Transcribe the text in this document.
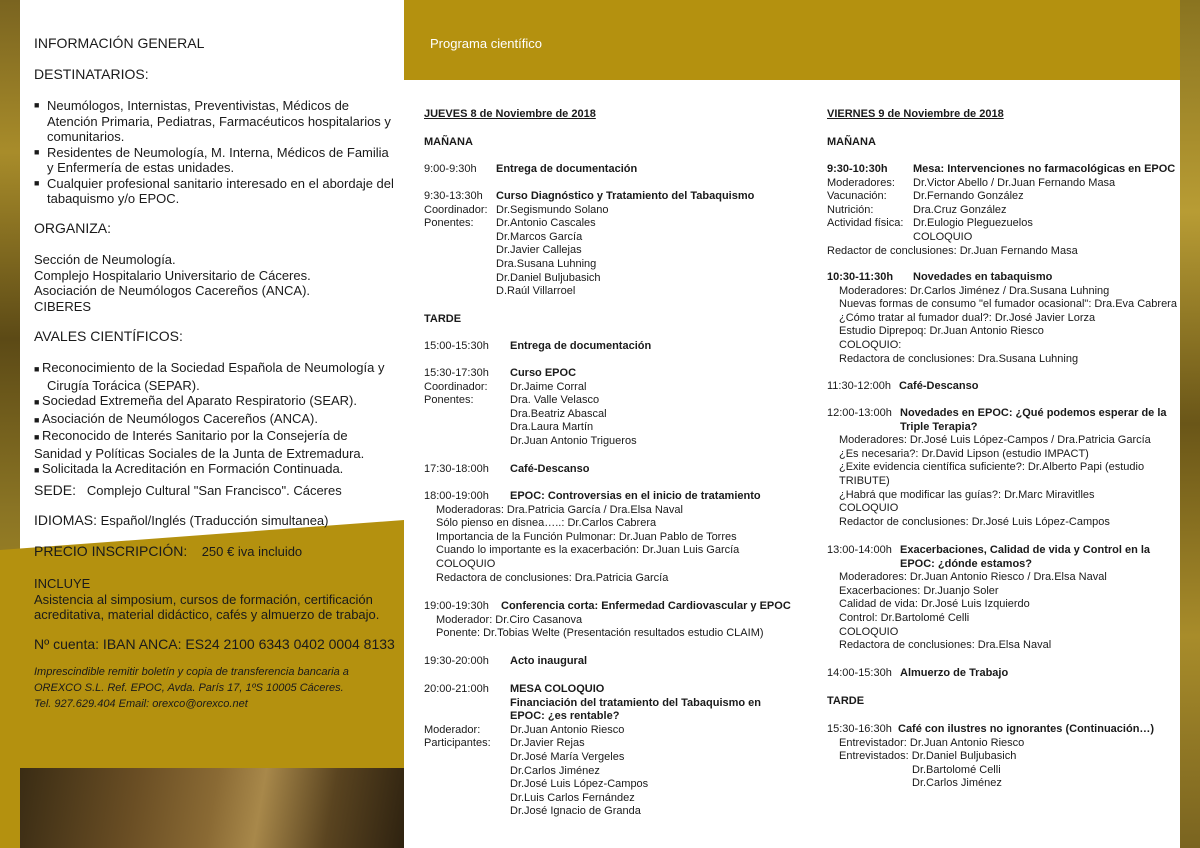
Programa científico
INFORMACIÓN GENERAL
DESTINATARIOS:
■ Neumólogos, Internistas, Preventivistas, Médicos de
Atención Primaria, Pediatras, Farmacéuticos hospitalarios y
comunitarios.
■ Residentes de Neumología, M. Interna, Médicos de Familia
y Enfermería de estas unidades.
■ Cualquier profesional sanitario interesado en el abordaje del
tabaquismo y/o EPOC.
ORGANIZA:
Sección de Neumología.
Complejo Hospitalario Universitario de Cáceres.
Asociación de Neumólogos Cacereños (ANCA).
CIBERES
AVALES CIENTÍFICOS:
■ Reconocimiento de la Sociedad Española de Neumología y
Cirugía Torácica (SEPAR).
■ Sociedad Extremeña del Aparato Respiratorio (SEAR).
■ Asociación de Neumólogos Cacereños (ANCA).
■ Reconocido de Interés Sanitario por la Consejería de
Sanidad y Políticas Sociales de la Junta de Extremadura.
■ Solicitada la Acreditación en Formación Continuada.
SEDE: Complejo Cultural "San Francisco". Cáceres
IDIOMAS: Español/Inglés (Traducción simultanea)
PRECIO INSCRIPCIÓN: 250 € iva incluido
INCLUYE
Asistencia al simposium, cursos de formación, certificación
acreditativa, material didáctico, cafés y almuerzo de trabajo.
Nº cuenta: IBAN ANCA: ES24 2100 6343 0402 0004 8133
Imprescindible remitir boletín y copia de transferencia bancaria a
OREXCO S.L. Ref. EPOC, Avda. París 17, 1ºS 10005 Cáceres.
Tel. 927.629.404 Email: orexco@orexco.net
JUEVES 8 de Noviembre de 2018
MAÑANA
9:00-9:30h Entrega de documentación
9:30-13:30h Curso Diagnóstico y Tratamiento del Tabaquismo
Coordinador: Dr.Segismundo Solano
Ponentes: Dr.Antonio Cascales
Dr.Marcos García
Dr.Javier Callejas
Dra.Susana Luhning
Dr.Daniel Buljubasich
D.Raúl Villarroel
TARDE
15:00-15:30h Entrega de documentación
15:30-17:30h Curso EPOC
Coordinador: Dr.Jaime Corral
Ponentes:	Dra. Valle Velasco
Dra.Beatriz Abascal
Dra.Laura Martín
Dr.Juan Antonio Trigueros
17:30-18:00h Café-Descanso
18:00-19:00h EPOC: Controversias en el inicio de tratamiento
Moderadoras: Dra.Patricia García / Dra.Elsa Naval
Sólo pienso en disnea…..: Dr.Carlos Cabrera
Importancia de la Función Pulmonar: Dr.Juan Pablo de Torres
Cuando lo importante es la exacerbación: Dr.Juan Luis García
COLOQUIO
Redactora de conclusiones: Dra.Patricia García
19:00-19:30h Conferencia corta: Enfermedad Cardiovascular y EPOC
Moderador: Dr.Ciro Casanova
Ponente: Dr.Tobias Welte (Presentación resultados estudio CLAIM)
19:30-20:00h Acto inaugural
20:00-21:00h MESA COLOQUIO
Financiación del tratamiento del Tabaquismo en
EPOC: ¿es rentable?
Moderador:	Dr.Juan Antonio Riesco
Participantes: Dr.Javier Rejas
Dr.José María Vergeles
Dr.Carlos Jiménez
Dr.José Luis López-Campos
Dr.Luis Carlos Fernández
Dr.José Ignacio de Granda
VIERNES 9 de Noviembre de 2018
MAÑANA
9:30-10:30h Mesa: Intervenciones no farmacológicas en EPOC
Moderadores: Dr.Victor Abello / Dr.Juan Fernando Masa
Vacunación: Dr.Fernando González
Nutrición:	Dra.Cruz González
Actividad física: Dr.Eulogio Pleguezuelos
COLOQUIO
Redactor de conclusiones: Dr.Juan Fernando Masa
10:30-11:30h Novedades en tabaquismo
Moderadores: Dr.Carlos Jiménez / Dra.Susana Luhning
Nuevas formas de consumo "el fumador ocasional": Dra.Eva Cabrera
¿Cómo tratar al fumador dual?: Dr.José Javier Lorza
Estudio Diprepoq: Dr.Juan Antonio Riesco
COLOQUIO:
Redactora de conclusiones: Dra.Susana Luhning
11:30-12:00h Café-Descanso
12:00-13:00h Novedades en EPOC: ¿Qué podemos esperar de la
Triple Terapia?
Moderadores: Dr.José Luis López-Campos / Dra.Patricia García
¿Es necesaria?: Dr.David Lipson (estudio IMPACT)
¿Exite evidencia científica suficiente?: Dr.Alberto Papi (estudio
TRIBUTE)
¿Habrá que modificar las guías?: Dr.Marc Miravitlles
COLOQUIO
Redactor de conclusiones: Dr.José Luis López-Campos
13:00-14:00h Exacerbaciones, Calidad de vida y Control en la
EPOC: ¿dónde estamos?
Moderadores: Dr.Juan Antonio Riesco / Dra.Elsa Naval
Exacerbaciones: Dr.Juanjo Soler
Calidad de vida: Dr.José Luis Izquierdo
Control: Dr.Bartolomé Celli
COLOQUIO
Redactora de conclusiones: Dra.Elsa Naval
14:00-15:30h Almuerzo de Trabajo
TARDE
15:30-16:30h Café con ilustres no ignorantes (Continuación…)
Entrevistador: Dr.Juan Antonio Riesco
Entrevistados: Dr.Daniel Buljubasich
Dr.Bartolomé Celli
Dr.Carlos Jiménez
